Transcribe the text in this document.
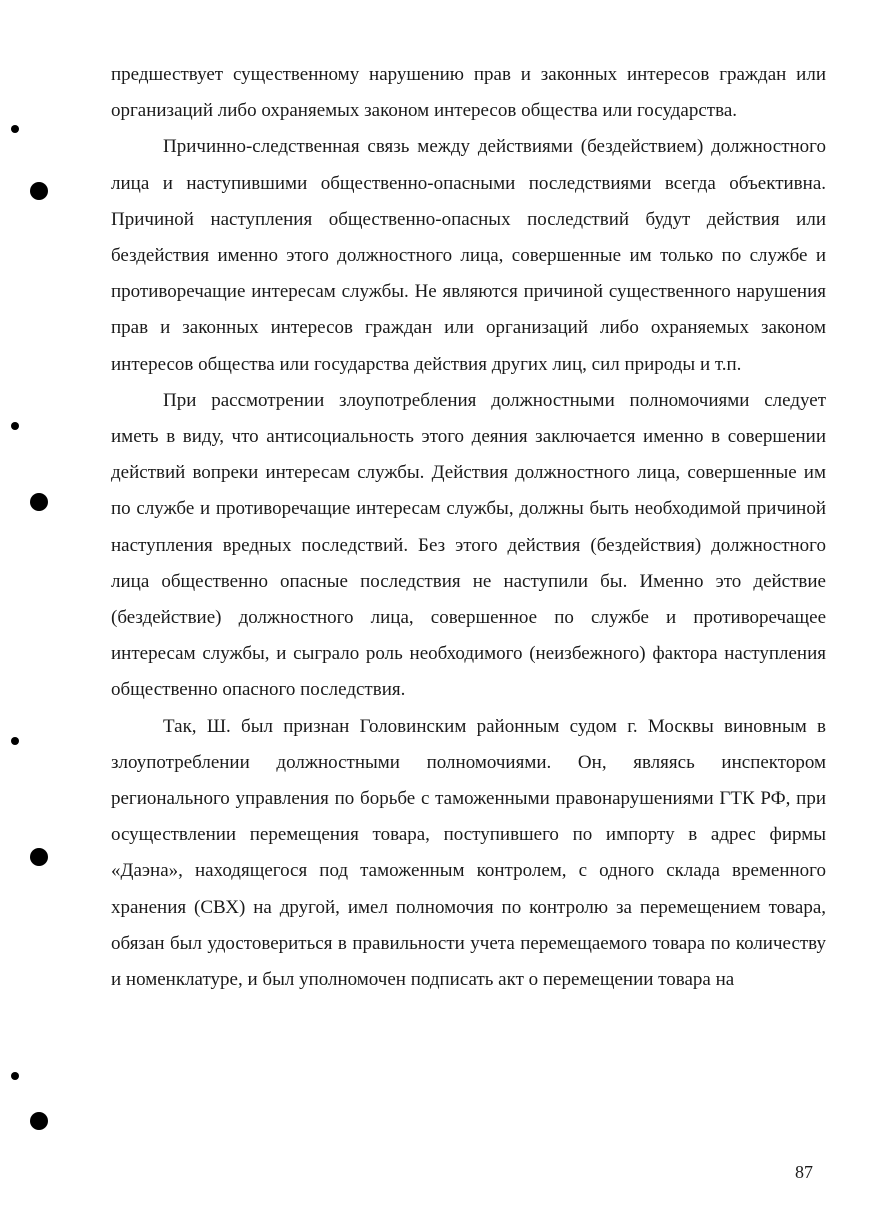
предшествует существенному нарушению прав и законных интересов граждан или организаций либо охраняемых законом интересов общества или государства.

Причинно-следственная связь между действиями (бездействием) должностного лица и наступившими общественно-опасными последствиями всегда объективна. Причиной наступления общественно-опасных последствий будут действия или бездействия именно этого должностного лица, совершенные им только по службе и противоречащие интересам службы. Не являются причиной существенного нарушения прав и законных интересов граждан или организаций либо охраняемых законом интересов общества или государства действия других лиц, сил природы и т.п.

При рассмотрении злоупотребления должностными полномочиями следует иметь в виду, что антисоциальность этого деяния заключается именно в совершении действий вопреки интересам службы. Действия должностного лица, совершенные им по службе и противоречащие интересам службы, должны быть необходимой причиной наступления вредных последствий. Без этого действия (бездействия) должностного лица общественно опасные последствия не наступили бы. Именно это действие (бездействие) должностного лица, совершенное по службе и противоречащее интересам службы, и сыграло роль необходимого (неизбежного) фактора наступления общественно опасного последствия.

Так, Ш. был признан Головинским районным судом г. Москвы виновным в злоупотреблении должностными полномочиями. Он, являясь инспектором регионального управления по борьбе с таможенными правонарушениями ГТК РФ, при осуществлении перемещения товара, поступившего по импорту в адрес фирмы «Даэна», находящегося под таможенным контролем, с одного склада временного хранения (СВХ) на другой, имел полномочия по контролю за перемещением товара, обязан был удостовериться в правильности учета перемещаемого товара по количеству и номенклатуре, и был уполномочен подписать акт о перемещении товара на

87
